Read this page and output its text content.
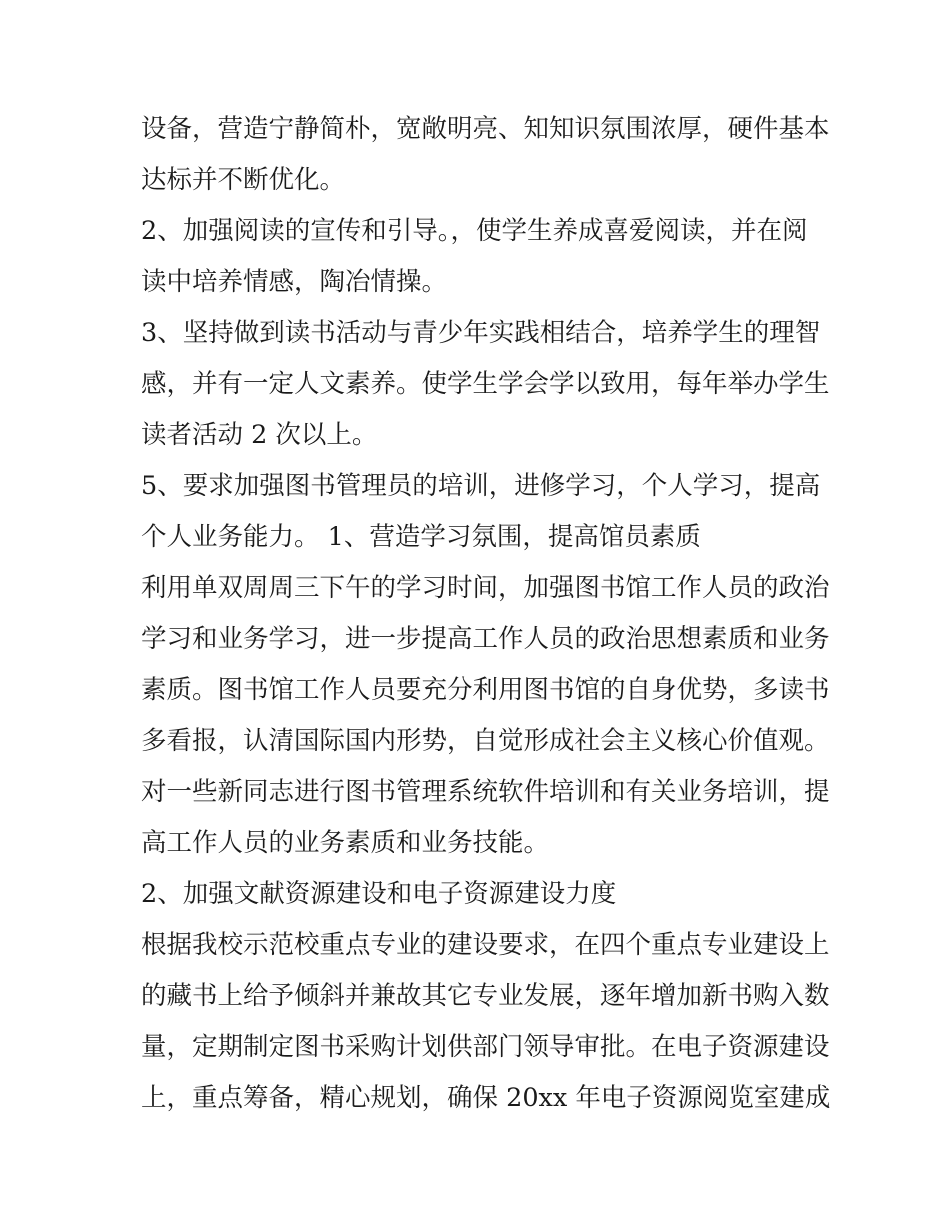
设备，营造宁静简朴，宽敞明亮、知知识氛围浓厚，硬件基本
达标并不断优化。
2、加强阅读的宣传和引导。，使学生养成喜爱阅读，并在阅
读中培养情感，陶冶情操。
3、坚持做到读书活动与青少年实践相结合，培养学生的理智
感，并有一定人文素养。使学生学会学以致用，每年举办学生
读者活动 2 次以上。
5、要求加强图书管理员的培训，进修学习，个人学习，提高
个人业务能力。 1、营造学习氛围，提高馆员素质
利用单双周周三下午的学习时间，加强图书馆工作人员的政治
学习和业务学习，进一步提高工作人员的政治思想素质和业务
素质。图书馆工作人员要充分利用图书馆的自身优势，多读书
多看报，认清国际国内形势，自觉形成社会主义核心价值观。
对一些新同志进行图书管理系统软件培训和有关业务培训，提
高工作人员的业务素质和业务技能。
2、加强文献资源建设和电子资源建设力度
根据我校示范校重点专业的建设要求，在四个重点专业建设上
的藏书上给予倾斜并兼故其它专业发展，逐年增加新书购入数
量，定期制定图书采购计划供部门领导审批。在电子资源建设
上，重点筹备，精心规划，确保 20xx 年电子资源阅览室建成
